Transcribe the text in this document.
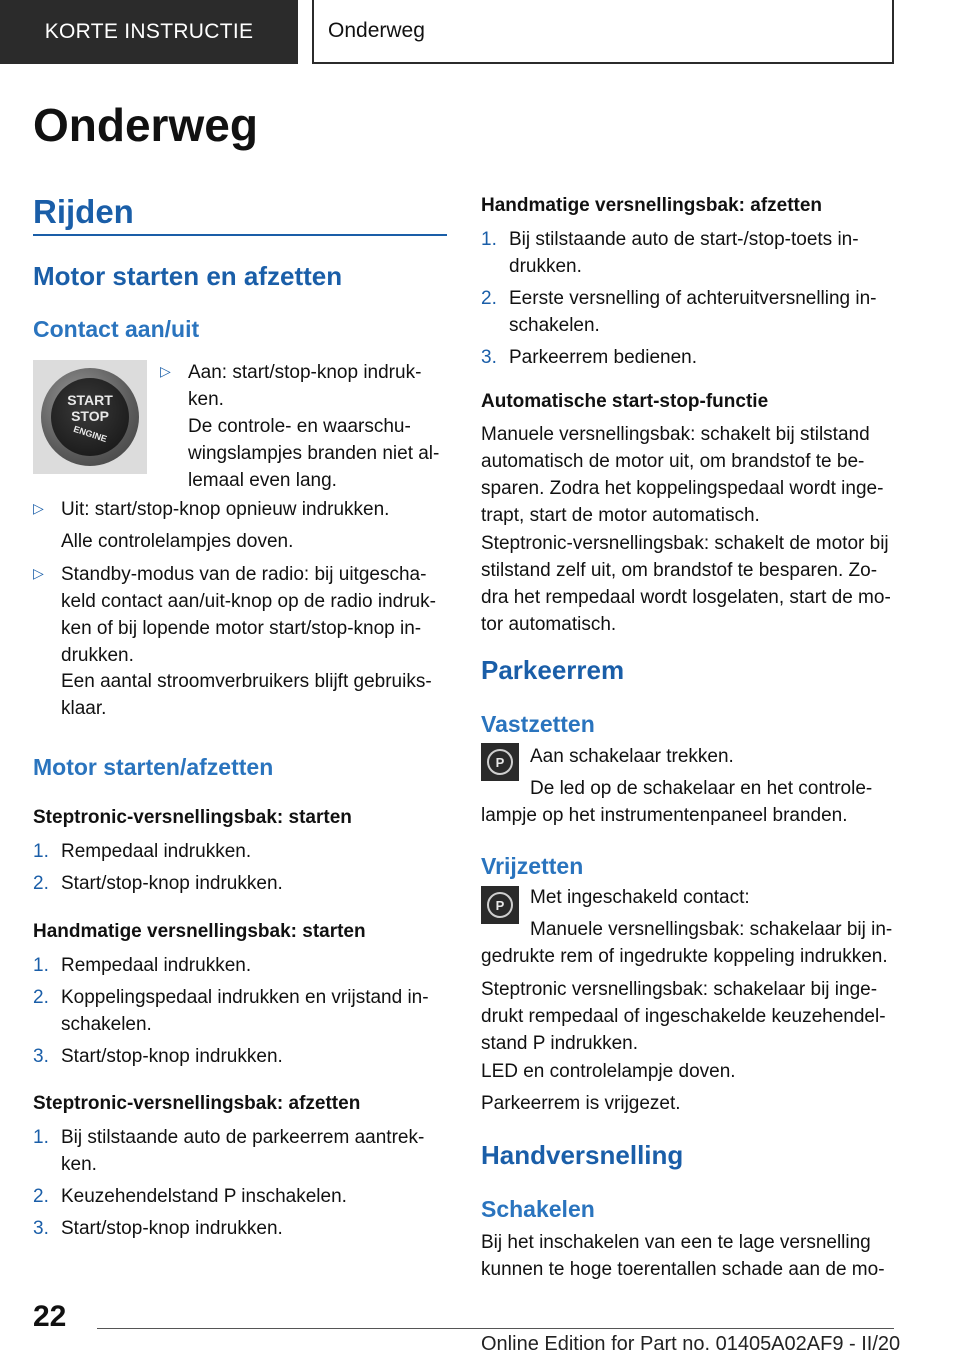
KORTE INSTRUCTIE	Onderweg
Onderweg
Rijden
Motor starten en afzetten
Contact aan/uit
START
STOP
ENGINE
▷ Aan: start/stop-knop indruk-
ken.
De controle- en waarschu-
wingslampjes branden niet al-
lemaal even lang.
▷ Uit: start/stop-knop opnieuw indrukken.
Alle controlelampjes doven.
▷ Standby-modus van de radio: bij uitgescha-
keld contact aan/uit-knop op de radio indruk-
ken of bij lopende motor start/stop-knop in-
drukken.
Een aantal stroomverbruikers blijft gebruiks-
klaar.
Motor starten/afzetten
Steptronic-versnellingsbak: starten
1. Rempedaal indrukken.
2. Start/stop-knop indrukken.
Handmatige versnellingsbak: starten
1. Rempedaal indrukken.
2. Koppelingspedaal indrukken en vrijstand in-
schakelen.
3. Start/stop-knop indrukken.
Steptronic-versnellingsbak: afzetten
1. Bij stilstaande auto de parkeerrem aantrek-
ken.
2. Keuzehendelstand P inschakelen.
3. Start/stop-knop indrukken.
Handmatige versnellingsbak: afzetten
1. Bij stilstaande auto de start-/stop-toets in-
drukken.
2. Eerste versnelling of achteruitversnelling in-
schakelen.
3. Parkeerrem bedienen.
Automatische start-stop-functie
Manuele versnellingsbak: schakelt bij stilstand
automatisch de motor uit, om brandstof te be-
sparen. Zodra het koppelingspedaal wordt inge-
trapt, start de motor automatisch.
Steptronic-versnellingsbak: schakelt de motor bij
stilstand zelf uit, om brandstof te besparen. Zo-
dra het rempedaal wordt losgelaten, start de mo-
tor automatisch.
Parkeerrem
Vastzetten
P	Aan schakelaar trekken.
De led op de schakelaar en het controle-
lampje op het instrumentenpaneel branden.
Vrijzetten
P	Met ingeschakeld contact:
Manuele versnellingsbak: schakelaar bij in-
gedrukte rem of ingedrukte koppeling indrukken.
Steptronic versnellingsbak: schakelaar bij inge-
drukt rempedaal of ingeschakelde keuzehendel-
stand P indrukken.
LED en controlelampje doven.
Parkeerrem is vrijgezet.
Handversnelling
Schakelen
Bij het inschakelen van een te lage versnelling
kunnen te hoge toerentallen schade aan de mo-
22
Online Edition for Part no. 01405A02AF9 - II/20
